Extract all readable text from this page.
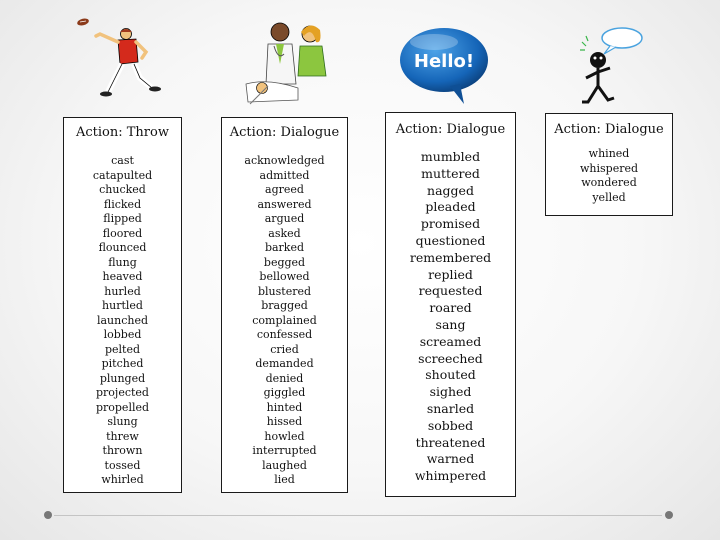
Hello!
Action: Throw
cast
catapulted
chucked
flicked
flipped
floored
flounced
flung
heaved
hurled
hurtled
launched
lobbed
pelted
pitched
plunged
projected
propelled
slung
threw
thrown
tossed
whirled
Action: Dialogue
acknowledged
admitted
agreed
answered
argued
asked
barked
begged
bellowed
blustered
bragged
complained
confessed
cried
demanded
denied
giggled
hinted
hissed
howled
interrupted
laughed
lied
Action: Dialogue
mumbled
muttered
nagged
pleaded
promised
questioned
remembered
replied
requested
roared
sang
screamed
screeched
shouted
sighed
snarled
sobbed
threatened
warned
whimpered
Action: Dialogue
whined
whispered
wondered
yelled
